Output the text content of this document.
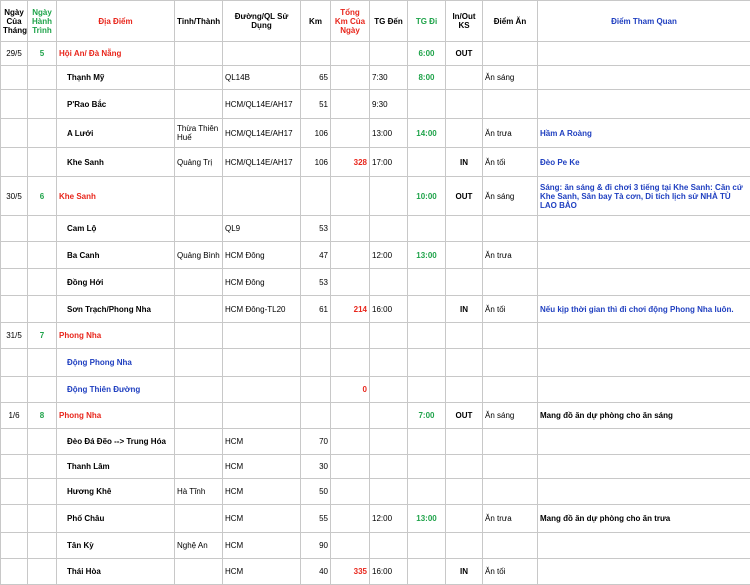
Ngày Của Tháng	Ngày Hành Trình	Địa Điểm	Tỉnh/Thành	Đường/QL Sử Dụng	Km	Tổng Km Của Ngày	TG Đến	TG Đi	In/Out KS	Điểm Ăn	Điểm Tham Quan
29/5	5	Hội An/ Đà Nẵng						6:00	OUT		
		Thạnh Mỹ		QL14B	65		7:30	8:00		Ăn sáng	
		P'Rao Bắc		HCM/QL14E/AH17	51		9:30				
		A Lưới	Thừa Thiên Huế	HCM/QL14E/AH17	106		13:00	14:00		Ăn trưa	Hầm A Roàng
		Khe Sanh	Quảng Trị	HCM/QL14E/AH17	106	328	17:00		IN	Ăn tối	Đèo Pe Ke
30/5	6	Khe Sanh						10:00	OUT	Ăn sáng	Sáng: ăn sáng & đi chơi 3 tiếng tại Khe Sanh: Căn cứ Khe Sanh, Sân bay Tà cơn, Di tích lịch sử NHÀ TÙ LAO BẢO
		Cam Lộ		QL9	53						
		Ba Canh	Quảng Bình	HCM Đông	47		12:00	13:00		Ăn trưa	
		Đồng Hới		HCM Đông	53						
		Sơn Trạch/Phong Nha		HCM Đông-TL20	61	214	16:00		IN	Ăn tối	Nếu kịp thời gian thì đi chơi động Phong Nha luôn.
31/5	7	Phong Nha									
		Động Phong Nha									
		Động Thiên Đường				0					
1/6	8	Phong Nha						7:00	OUT	Ăn sáng	Mang đồ ăn dự phòng cho ăn sáng
		Đèo Đá Đẽo --> Trung Hóa		HCM	70						
		Thanh Lâm		HCM	30						
		Hương Khê	Hà Tĩnh	HCM	50						
		Phố Châu		HCM	55		12:00	13:00		Ăn trưa	Mang đồ ăn dự phòng cho ăn trưa
		Tân Kỳ	Nghệ An	HCM	90						
		Thái Hòa		HCM	40	335	16:00		IN	Ăn tối	
